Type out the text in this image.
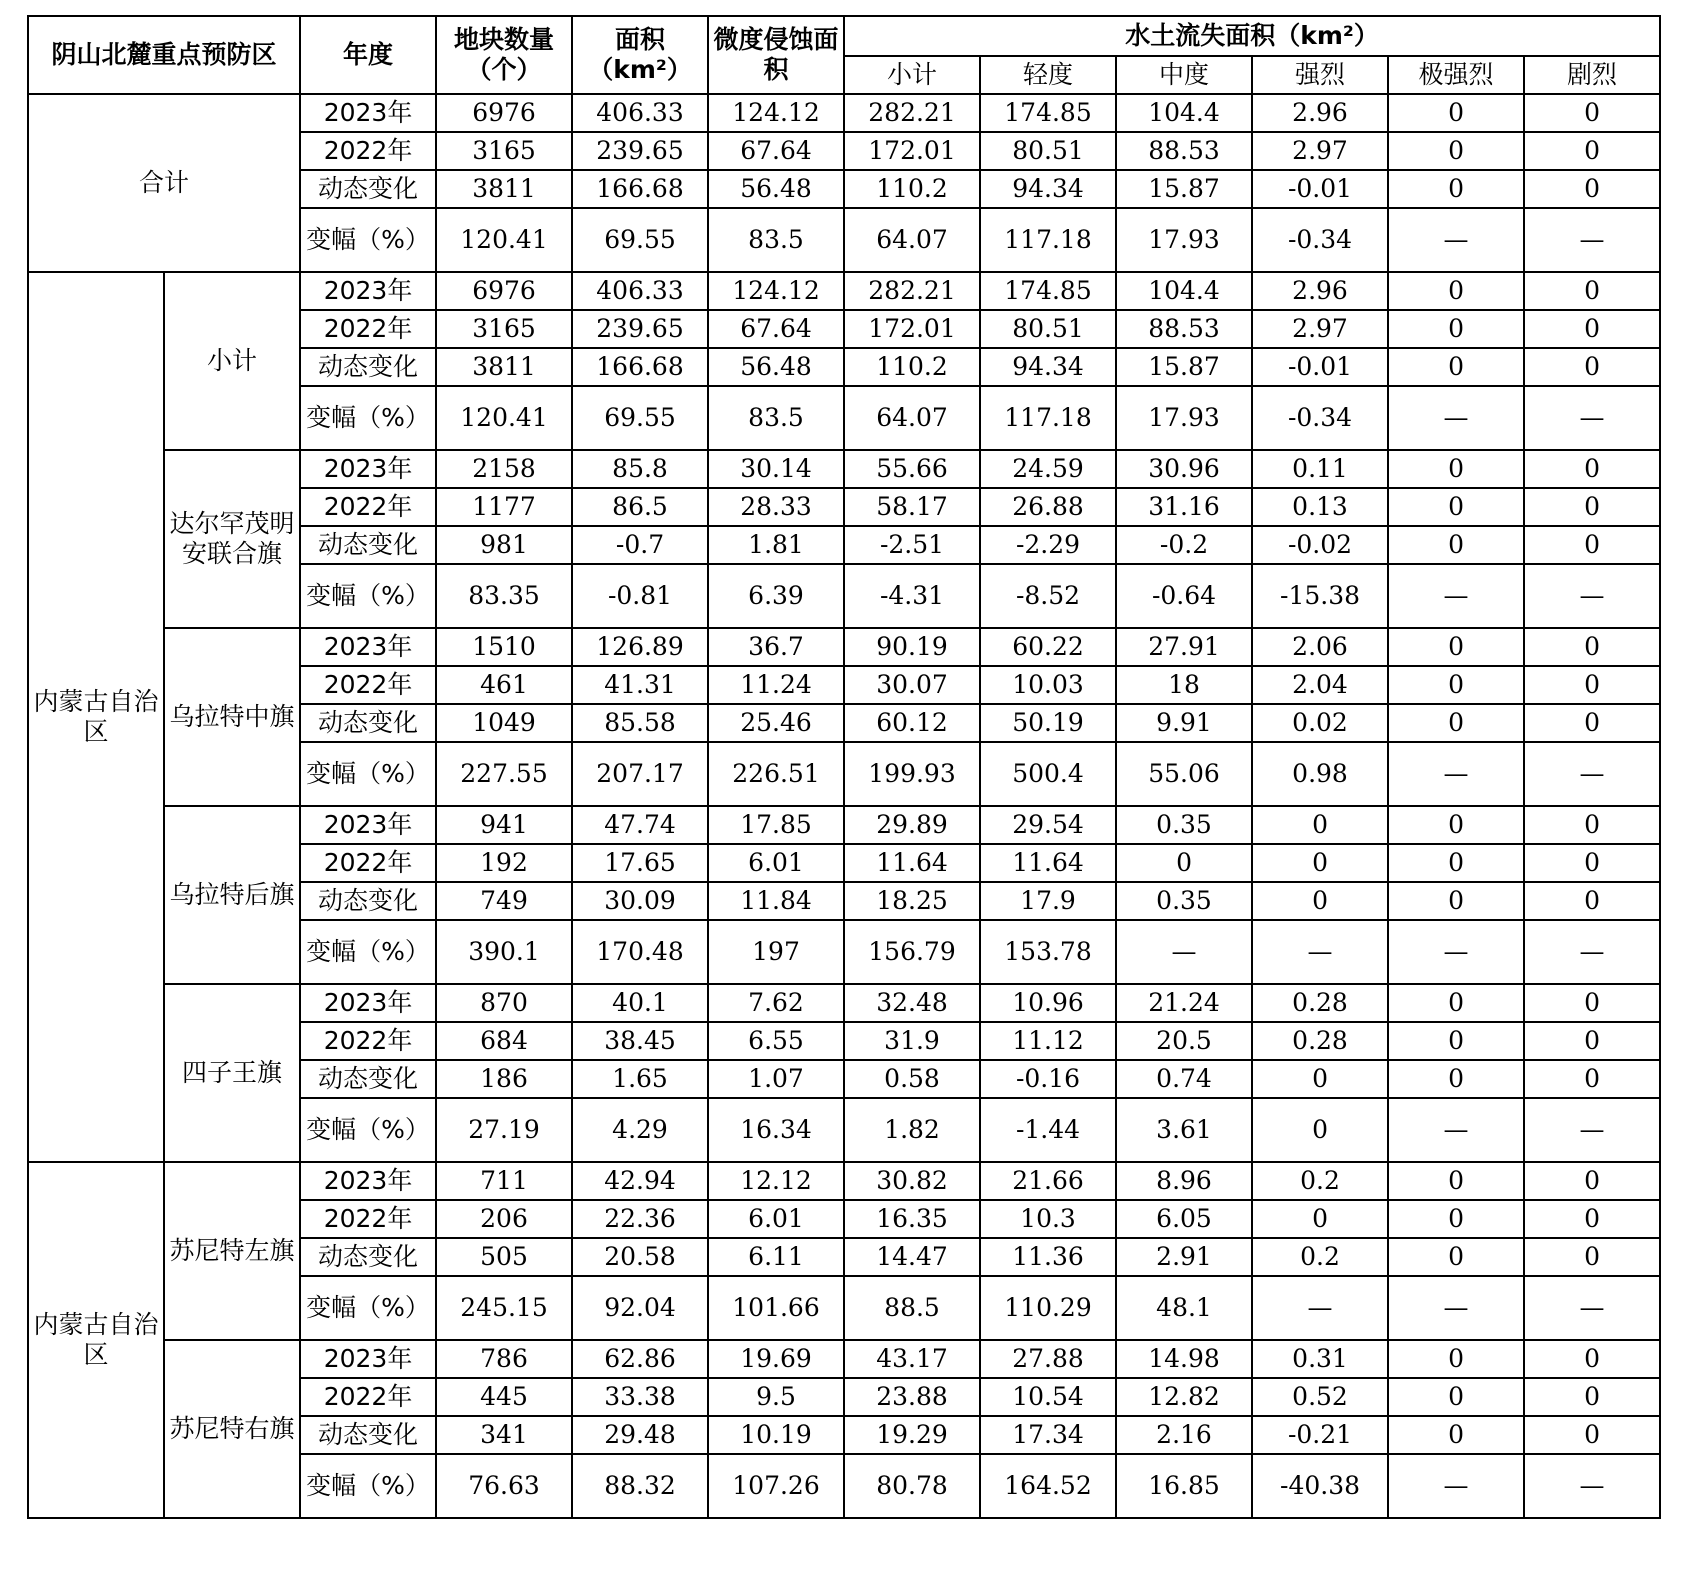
阴山北麓重点预防区		年度	地块数量（个）	面积（km²）	微度侵蚀面积	水土流失面积（km²）					
						小计	轻度	中度	强烈	极强烈	剧烈
合计		2023年	6976	406.33	124.12	282.21	174.85	104.4	2.96	0	0
		2022年	3165	239.65	67.64	172.01	80.51	88.53	2.97	0	0
		动态变化	3811	166.68	56.48	110.2	94.34	15.87	-0.01	0	0
		变幅（%）	120.41	69.55	83.5	64.07	117.18	17.93	-0.34	—	—
内蒙古自治区	小计	2023年	6976	406.33	124.12	282.21	174.85	104.4	2.96	0	0
		2022年	3165	239.65	67.64	172.01	80.51	88.53	2.97	0	0
		动态变化	3811	166.68	56.48	110.2	94.34	15.87	-0.01	0	0
		变幅（%）	120.41	69.55	83.5	64.07	117.18	17.93	-0.34	—	—
	达尔罕茂明安联合旗	2023年	2158	85.8	30.14	55.66	24.59	30.96	0.11	0	0
		2022年	1177	86.5	28.33	58.17	26.88	31.16	0.13	0	0
		动态变化	981	-0.7	1.81	-2.51	-2.29	-0.2	-0.02	0	0
		变幅（%）	83.35	-0.81	6.39	-4.31	-8.52	-0.64	-15.38	—	—
	乌拉特中旗	2023年	1510	126.89	36.7	90.19	60.22	27.91	2.06	0	0
		2022年	461	41.31	11.24	30.07	10.03	18	2.04	0	0
		动态变化	1049	85.58	25.46	60.12	50.19	9.91	0.02	0	0
		变幅（%）	227.55	207.17	226.51	199.93	500.4	55.06	0.98	—	—
	乌拉特后旗	2023年	941	47.74	17.85	29.89	29.54	0.35	0	0	0
		2022年	192	17.65	6.01	11.64	11.64	0	0	0	0
		动态变化	749	30.09	11.84	18.25	17.9	0.35	0	0	0
		变幅（%）	390.1	170.48	197	156.79	153.78	—	—	—	—
	四子王旗	2023年	870	40.1	7.62	32.48	10.96	21.24	0.28	0	0
		2022年	684	38.45	6.55	31.9	11.12	20.5	0.28	0	0
		动态变化	186	1.65	1.07	0.58	-0.16	0.74	0	0	0
		变幅（%）	27.19	4.29	16.34	1.82	-1.44	3.61	0	—	—
内蒙古自治区	苏尼特左旗	2023年	711	42.94	12.12	30.82	21.66	8.96	0.2	0	0
		2022年	206	22.36	6.01	16.35	10.3	6.05	0	0	0
		动态变化	505	20.58	6.11	14.47	11.36	2.91	0.2	0	0
		变幅（%）	245.15	92.04	101.66	88.5	110.29	48.1	—	—	—
	苏尼特右旗	2023年	786	62.86	19.69	43.17	27.88	14.98	0.31	0	0
		2022年	445	33.38	9.5	23.88	10.54	12.82	0.52	0	0
		动态变化	341	29.48	10.19	19.29	17.34	2.16	-0.21	0	0
		变幅（%）	76.63	88.32	107.26	80.78	164.52	16.85	-40.38	—	—
